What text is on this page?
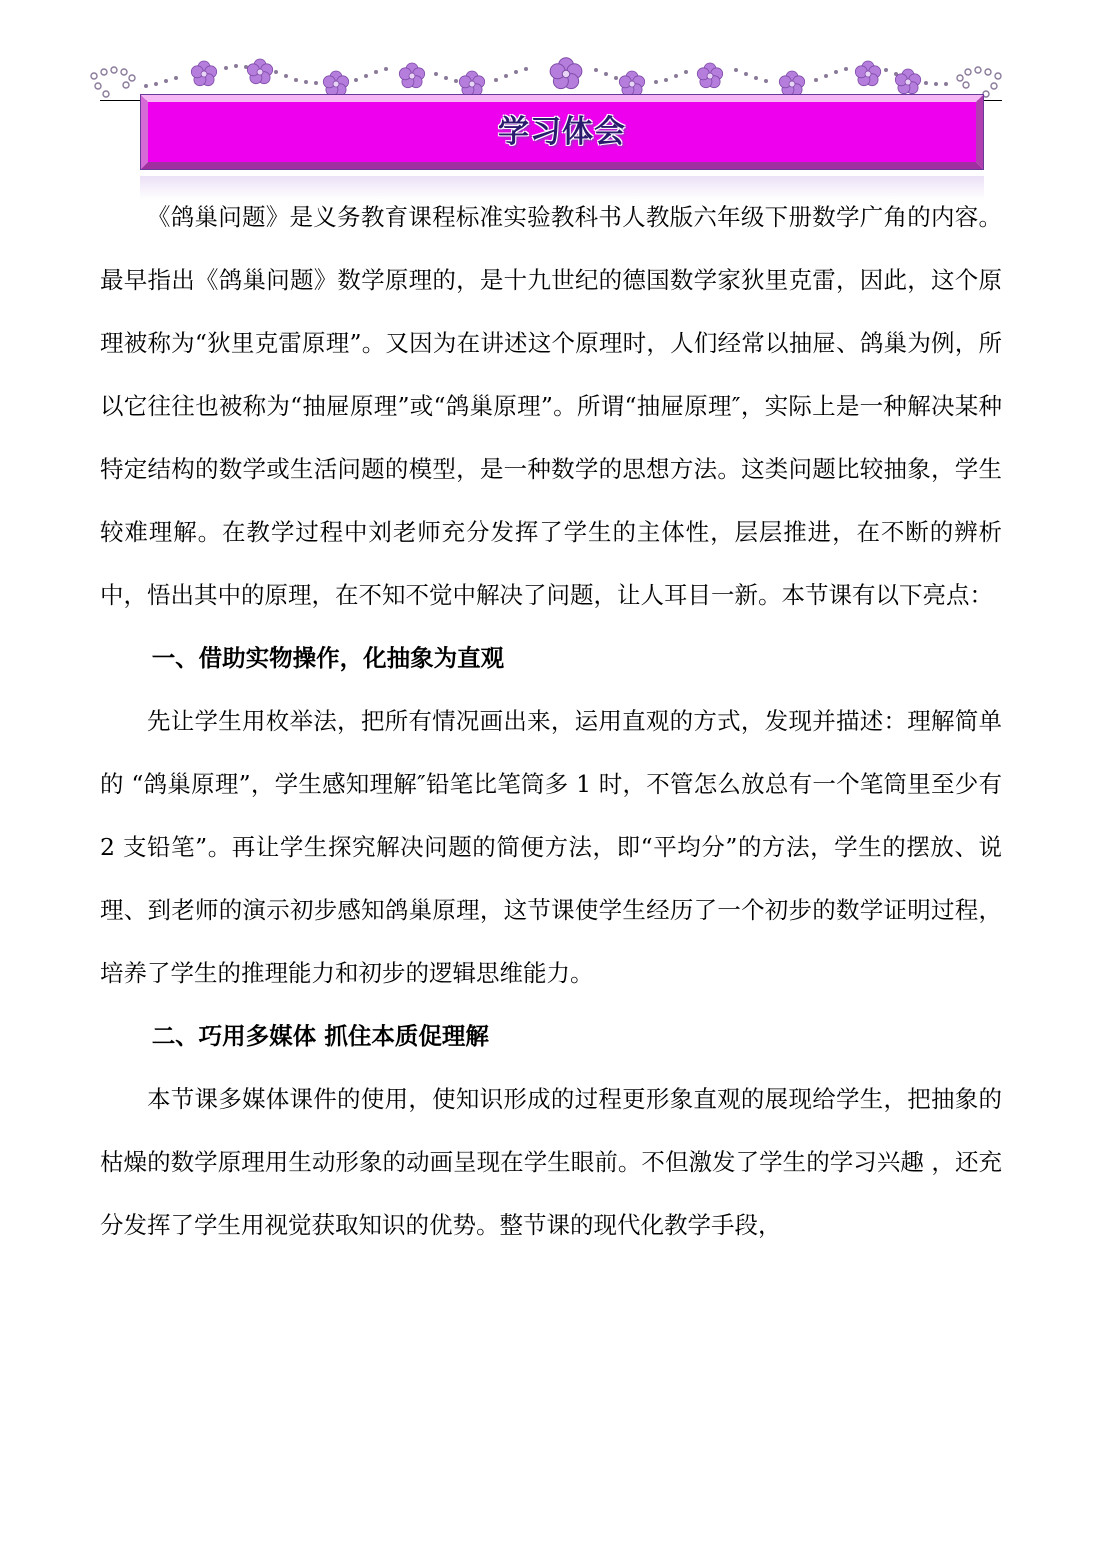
学习体会

《鸽巢问题》是义务教育课程标准实验教科书人教版六年级下册数学广角的内容。最早指出《鸽巢问题》数学原理的，是十九世纪的德国数学家狄里克雷，因此，这个原理被称为“狄里克雷原理”。又因为在讲述这个原理时，人们经常以抽屉、鸽巢为例，所以它往往也被称为“抽屉原理”或“鸽巢原理”。所谓“抽屉原理″，实际上是一种解决某种特定结构的数学或生活问题的模型，是一种数学的思想方法。这类问题比较抽象，学生较难理解。在教学过程中刘老师充分发挥了学生的主体性，层层推进，在不断的辨析中，悟出其中的原理，在不知不觉中解决了问题，让人耳目一新。本节课有以下亮点：

一、借助实物操作，化抽象为直观

先让学生用枚举法，把所有情况画出来，运用直观的方式，发现并描述：理解简单的 “鸽巢原理”，学生感知理解″铅笔比笔筒多 1 时，不管怎么放总有一个笔筒里至少有 2 支铅笔”。再让学生探究解决问题的简便方法，即“平均分”的方法，学生的摆放、说理、到老师的演示初步感知鸽巢原理，这节课使学生经历了一个初步的数学证明过程，培养了学生的推理能力和初步的逻辑思维能力。

二、巧用多媒体 抓住本质促理解

本节课多媒体课件的使用，使知识形成的过程更形象直观的展现给学生，把抽象的枯燥的数学原理用生动形象的动画呈现在学生眼前。不但激发了学生的学习兴趣 ，还充分发挥了学生用视觉获取知识的优势。整节课的现代化教学手段，
